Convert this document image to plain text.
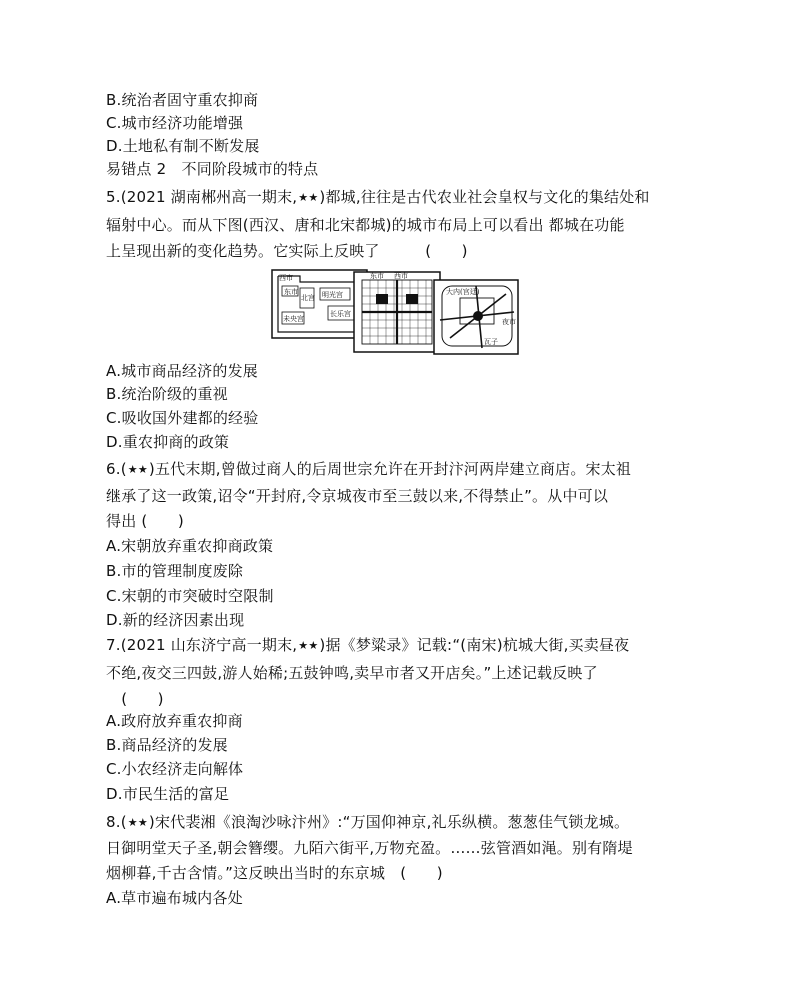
B.统治者固守重农抑商
C.城市经济功能增强
D.土地私有制不断发展
易错点 2　不同阶段城市的特点
5.(2021 湖南郴州高一期末,★★)都城,往往是古代农业社会皇权与文化的集结处和
辐射中心。而从下图(西汉、唐和北宋都城)的城市布局上可以看出 都城在功能
上呈现出新的变化趋势。它实际上反映了　　　(　　)
西市
东市
北宫 明光宫
长乐宫
未央宫
东市 西市
大内(宫廷)
夜市
瓦子
A.城市商品经济的发展
B.统治阶级的重视
C.吸收国外建都的经验
D.重农抑商的政策
6.(★★)五代末期,曾做过商人的后周世宗允许在开封汴河两岸建立商店。宋太祖
继承了这一政策,诏令“开封府,令京城夜市至三鼓以来,不得禁止”。从中可以
得出 (　　)
A.宋朝放弃重农抑商政策
B.市的管理制度废除
C.宋朝的市突破时空限制
D.新的经济因素出现
7.(2021 山东济宁高一期末,★★)据《梦粱录》记载:“(南宋)杭城大街,买卖昼夜
不绝,夜交三四鼓,游人始稀;五鼓钟鸣,卖早市者又开店矣。”上述记载反映了
　(　　)
A.政府放弃重农抑商
B.商品经济的发展
C.小农经济走向解体
D.市民生活的富足
8.(★★)宋代裴湘《浪淘沙咏汴州》:“万国仰神京,礼乐纵横。葱葱佳气锁龙城。
日御明堂天子圣,朝会簪缨。九陌六街平,万物充盈。……弦管酒如渑。别有隋堤
烟柳暮,千古含情。”这反映出当时的东京城　(　　)
A.草市遍布城内各处
